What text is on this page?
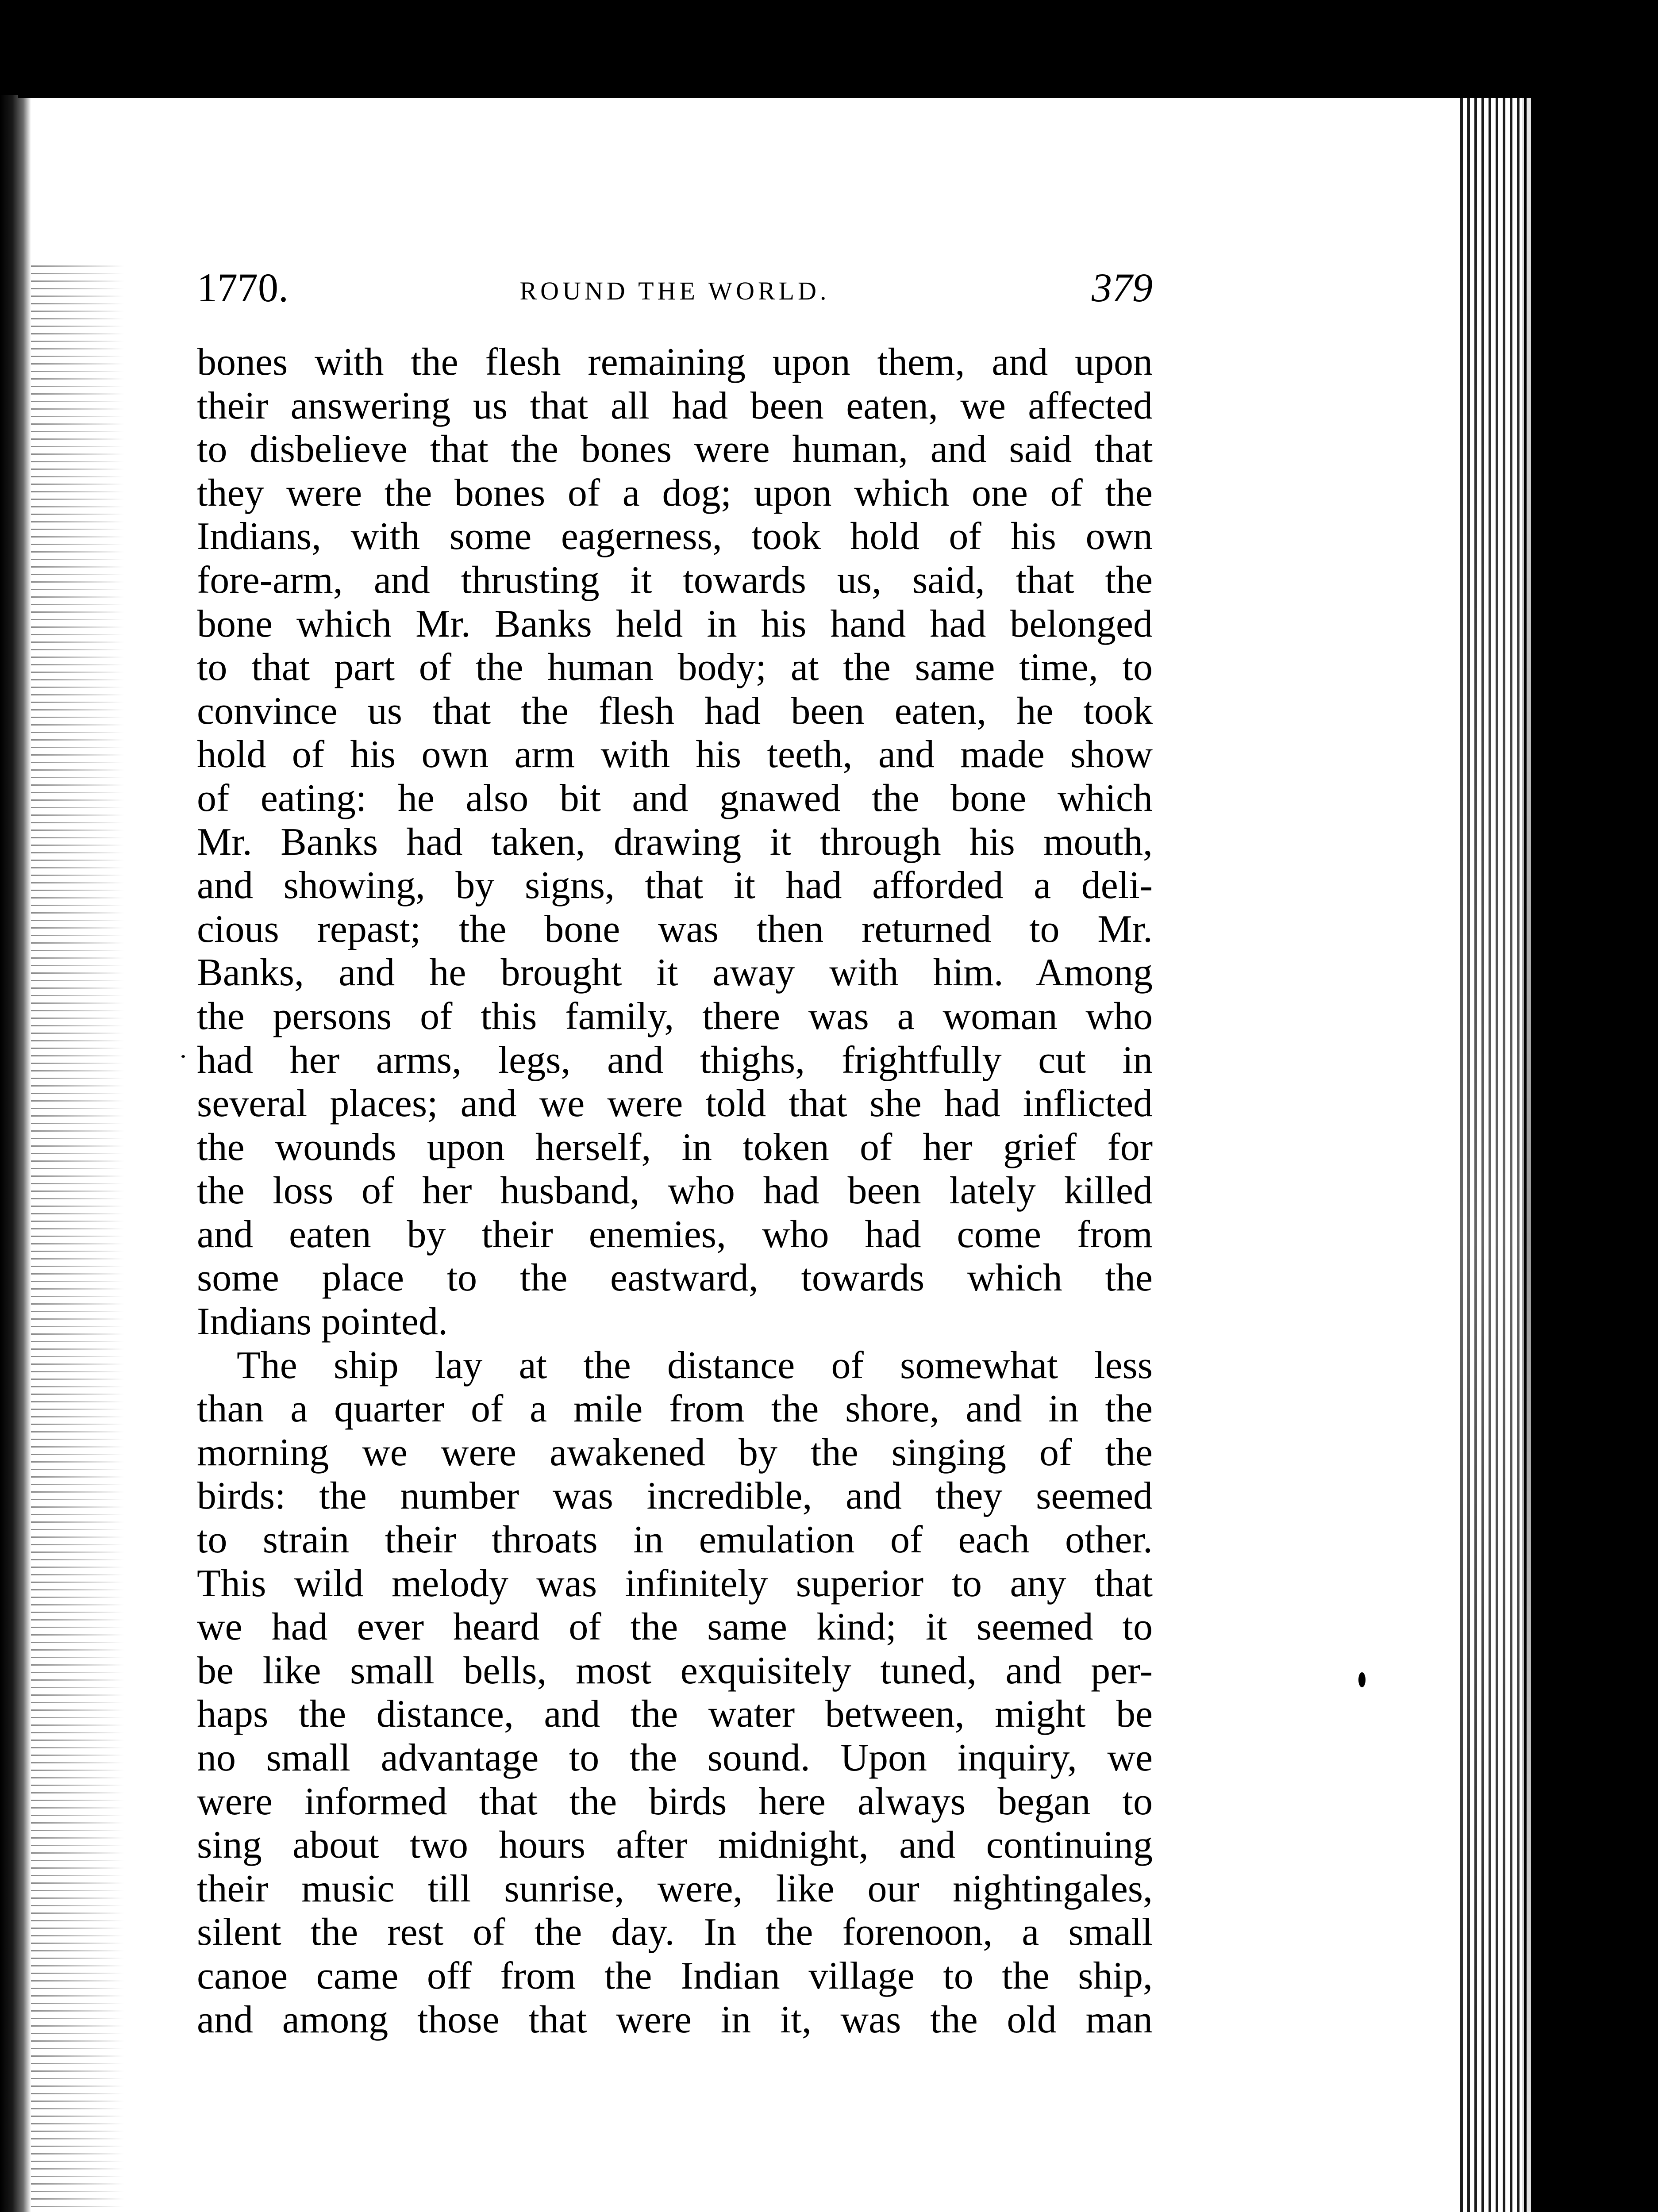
1770.	ROUND THE WORLD.	379
bones with the flesh remaining upon them, and upon
their answering us that all had been eaten, we affected
to disbelieve that the bones were human, and said that
they were the bones of a dog; upon which one of the
Indians, with some eagerness, took hold of his own
fore-arm, and thrusting it towards us, said, that the
bone which Mr. Banks held in his hand had belonged
to that part of the human body; at the same time, to
convince us that the flesh had been eaten, he took
hold of his own arm with his teeth, and made show
of eating: he also bit and gnawed the bone which
Mr. Banks had taken, drawing it through his mouth,
and showing, by signs, that it had afforded a deli-
cious repast; the bone was then returned to Mr.
Banks, and he brought it away with him. Among
the persons of this family, there was a woman who
had her arms, legs, and thighs, frightfully cut in
several places; and we were told that she had inflicted
the wounds upon herself, in token of her grief for
the loss of her husband, who had been lately killed
and eaten by their enemies, who had come from
some place to the eastward, towards which the
Indians pointed.
The ship lay at the distance of somewhat less
than a quarter of a mile from the shore, and in the
morning we were awakened by the singing of the
birds: the number was incredible, and they seemed
to strain their throats in emulation of each other.
This wild melody was infinitely superior to any that
we had ever heard of the same kind; it seemed to
be like small bells, most exquisitely tuned, and per-
haps the distance, and the water between, might be
no small advantage to the sound. Upon inquiry, we
were informed that the birds here always began to
sing about two hours after midnight, and continuing
their music till sunrise, were, like our nightingales,
silent the rest of the day. In the forenoon, a small
canoe came off from the Indian village to the ship,
and among those that were in it, was the old man
